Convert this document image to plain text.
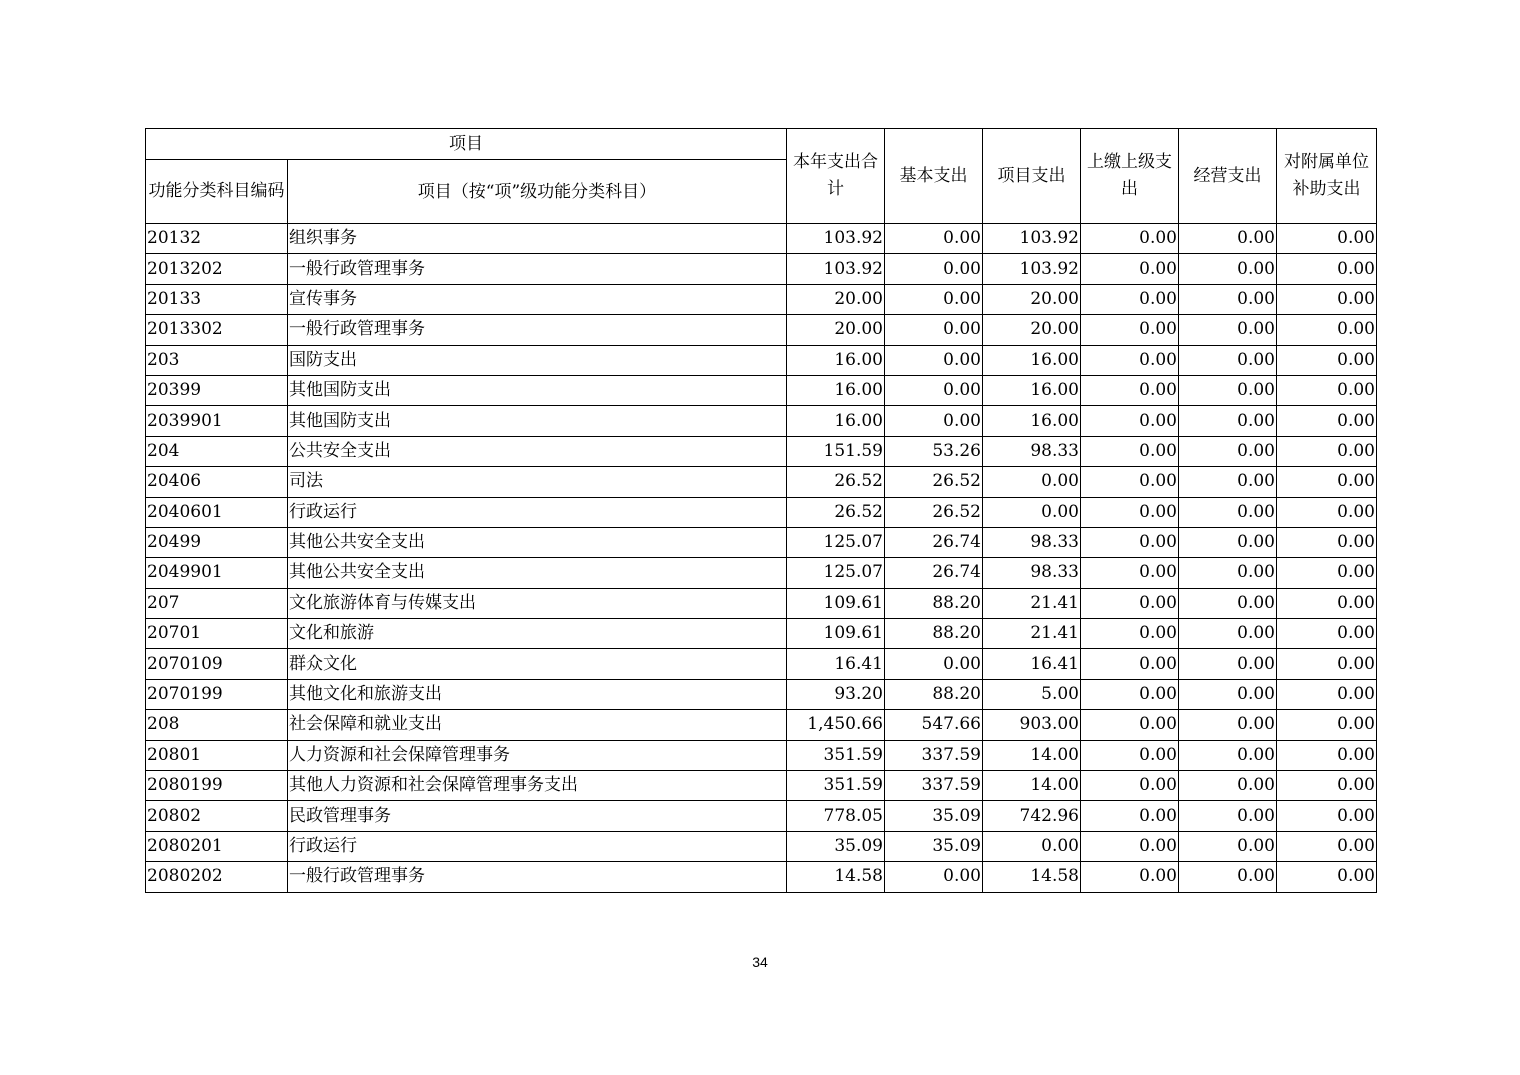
项目		本年支出合计	基本支出	项目支出	上缴上级支出	经营支出	对附属单位补助支出
功能分类科目编码	项目（按“项”级功能分类科目）						
20132	组织事务	103.92	0.00	103.92	0.00	0.00	0.00
2013202	一般行政管理事务	103.92	0.00	103.92	0.00	0.00	0.00
20133	宣传事务	20.00	0.00	20.00	0.00	0.00	0.00
2013302	一般行政管理事务	20.00	0.00	20.00	0.00	0.00	0.00
203	国防支出	16.00	0.00	16.00	0.00	0.00	0.00
20399	其他国防支出	16.00	0.00	16.00	0.00	0.00	0.00
2039901	其他国防支出	16.00	0.00	16.00	0.00	0.00	0.00
204	公共安全支出	151.59	53.26	98.33	0.00	0.00	0.00
20406	司法	26.52	26.52	0.00	0.00	0.00	0.00
2040601	行政运行	26.52	26.52	0.00	0.00	0.00	0.00
20499	其他公共安全支出	125.07	26.74	98.33	0.00	0.00	0.00
2049901	其他公共安全支出	125.07	26.74	98.33	0.00	0.00	0.00
207	文化旅游体育与传媒支出	109.61	88.20	21.41	0.00	0.00	0.00
20701	文化和旅游	109.61	88.20	21.41	0.00	0.00	0.00
2070109	群众文化	16.41	0.00	16.41	0.00	0.00	0.00
2070199	其他文化和旅游支出	93.20	88.20	5.00	0.00	0.00	0.00
208	社会保障和就业支出	1,450.66	547.66	903.00	0.00	0.00	0.00
20801	人力资源和社会保障管理事务	351.59	337.59	14.00	0.00	0.00	0.00
2080199	其他人力资源和社会保障管理事务支出	351.59	337.59	14.00	0.00	0.00	0.00
20802	民政管理事务	778.05	35.09	742.96	0.00	0.00	0.00
2080201	行政运行	35.09	35.09	0.00	0.00	0.00	0.00
2080202	一般行政管理事务	14.58	0.00	14.58	0.00	0.00	0.00
34
